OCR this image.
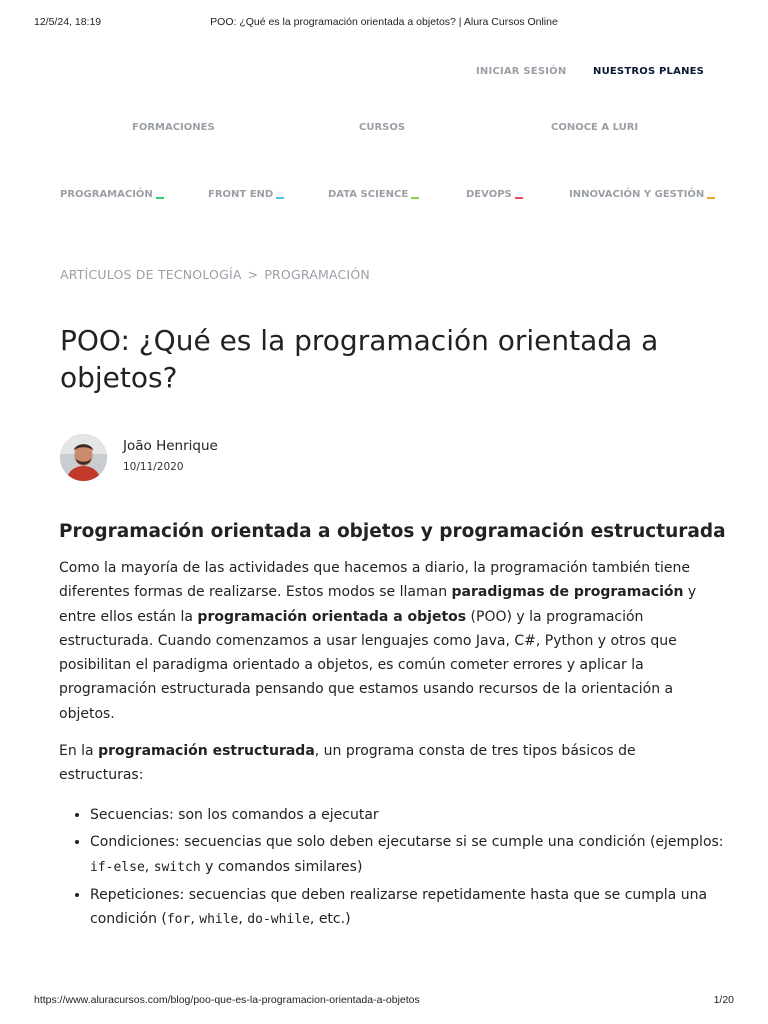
12/5/24, 18:19	POO: ¿Qué es la programación orientada a objetos? | Alura Cursos Online
INICIAR SESIÓN	NUESTROS PLANES
FORMACIONES	CURSOS	CONOCE A LURI
PROGRAMACIÓN	FRONT END	DATA SCIENCE	DEVOPS	INNOVACIÓN Y GESTIÓN
ARTÍCULOS DE TECNOLOGÍA > PROGRAMACIÓN
POO: ¿Qué es la programación orientada a objetos?
João Henrique
10/11/2020
Programación orientada a objetos y programación estructurada
Como la mayoría de las actividades que hacemos a diario, la programación también tiene diferentes formas de realizarse. Estos modos se llaman paradigmas de programación y entre ellos están la programación orientada a objetos (POO) y la programación estructurada. Cuando comenzamos a usar lenguajes como Java, C#, Python y otros que posibilitan el paradigma orientado a objetos, es común cometer errores y aplicar la programación estructurada pensando que estamos usando recursos de la orientación a objetos.
En la programación estructurada, un programa consta de tres tipos básicos de estructuras:
• Secuencias: son los comandos a ejecutar
• Condiciones: secuencias que solo deben ejecutarse si se cumple una condición (ejemplos: if-else, switch y comandos similares)
• Repeticiones: secuencias que deben realizarse repetidamente hasta que se cumpla una condición (for, while, do-while, etc.)
https://www.aluracursos.com/blog/poo-que-es-la-programacion-orientada-a-objetos	1/20
